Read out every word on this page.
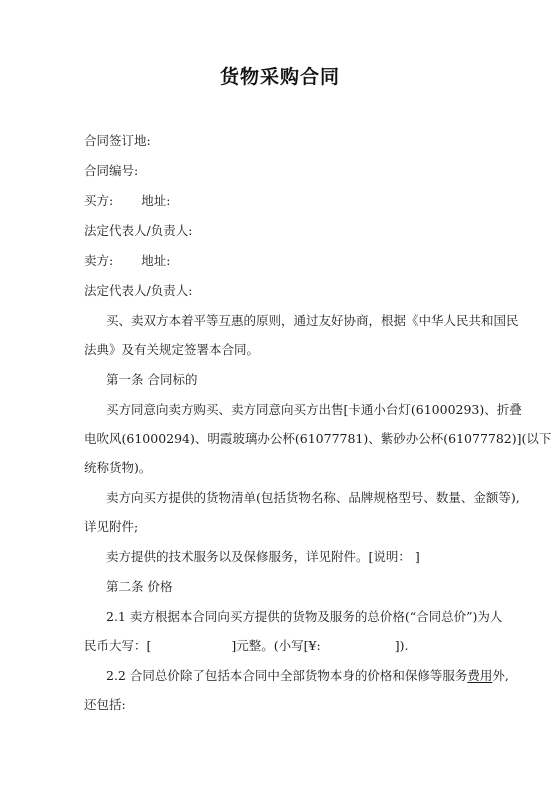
货物采购合同
合同签订地:
合同编号:
买方: 地址:
法定代表人/负责人:
卖方: 地址:
法定代表人/负责人:
买、卖双方本着平等互惠的原则，通过友好协商，根据《中华人民共和国民
法典》及有关规定签署本合同。
第一条 合同标的
买方同意向卖方购买、卖方同意向买方出售[卡通小台灯(61000293)、折叠
电吹风(61000294)、明霞玻璃办公杯(61077781)、紫砂办公杯(61077782)](以下
统称货物)。
卖方向买方提供的货物清单(包括货物名称、品牌规格型号、数量、金额等),
详见附件;
卖方提供的技术服务以及保修服务，详见附件。[说明： ]
第二条 价格
2.1 卖方根据本合同向买方提供的货物及服务的总价格(“合同总价”)为人
民币大写：[	]元整。(小写[¥:	]).
2.2 合同总价除了包括本合同中全部货物本身的价格和保修等服务费用外,
还包括:
